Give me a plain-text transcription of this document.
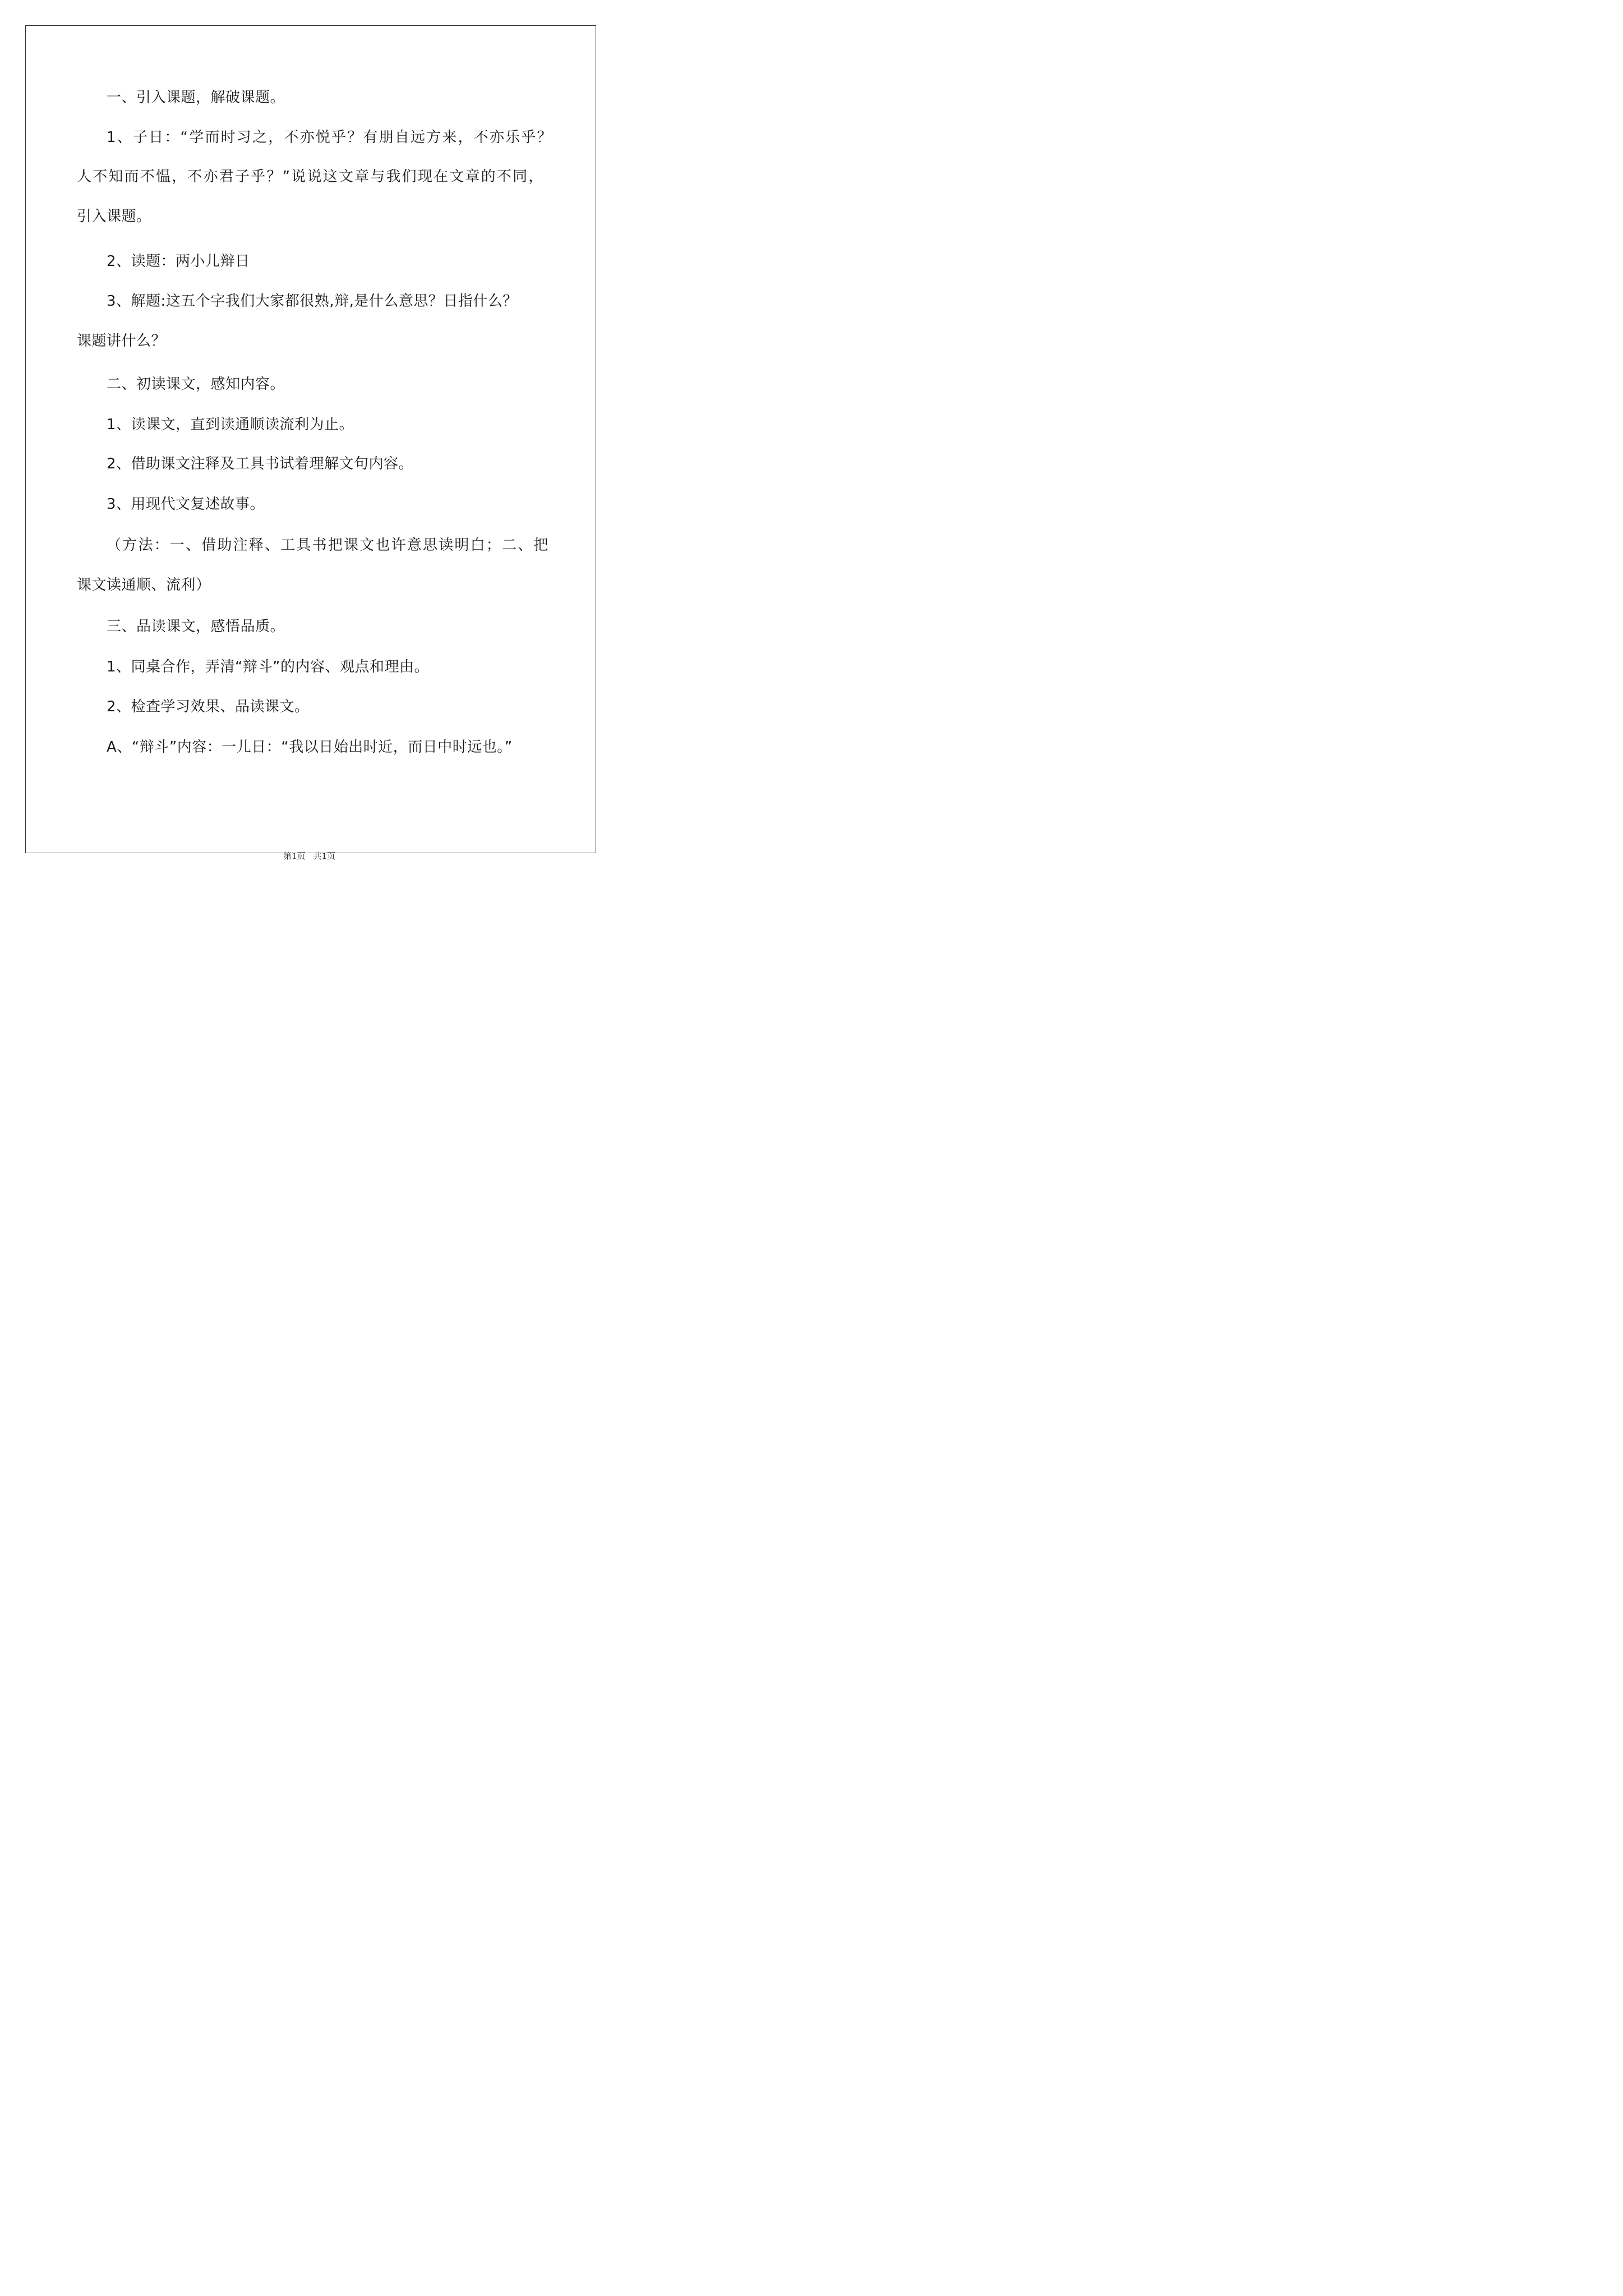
一、引入课题，解破课题。
1、子日：“学而时习之，不亦悦乎？有朋自远方来，不亦乐乎？
人不知而不愠，不亦君子乎？”说说这文章与我们现在文章的不同，
引入课题。
2、读题：两小儿辩日
3、解题:这五个字我们大家都很熟,辩,是什么意思？日指什么？
课题讲什么？
二、初读课文，感知内容。
1、读课文，直到读通顺读流利为止。
2、借助课文注释及工具书试着理解文句内容。
3、用现代文复述故事。
（方法：一、借助注释、工具书把课文也许意思读明白；二、把
课文读通顺、流利）
三、品读课文，感悟品质。
1、同桌合作，弄清“辩斗”的内容、观点和理由。
2、检查学习效果、品读课文。
A、“辩斗”内容：一儿日：“我以日始出时近，而日中时远也。”
第1页 共1页
